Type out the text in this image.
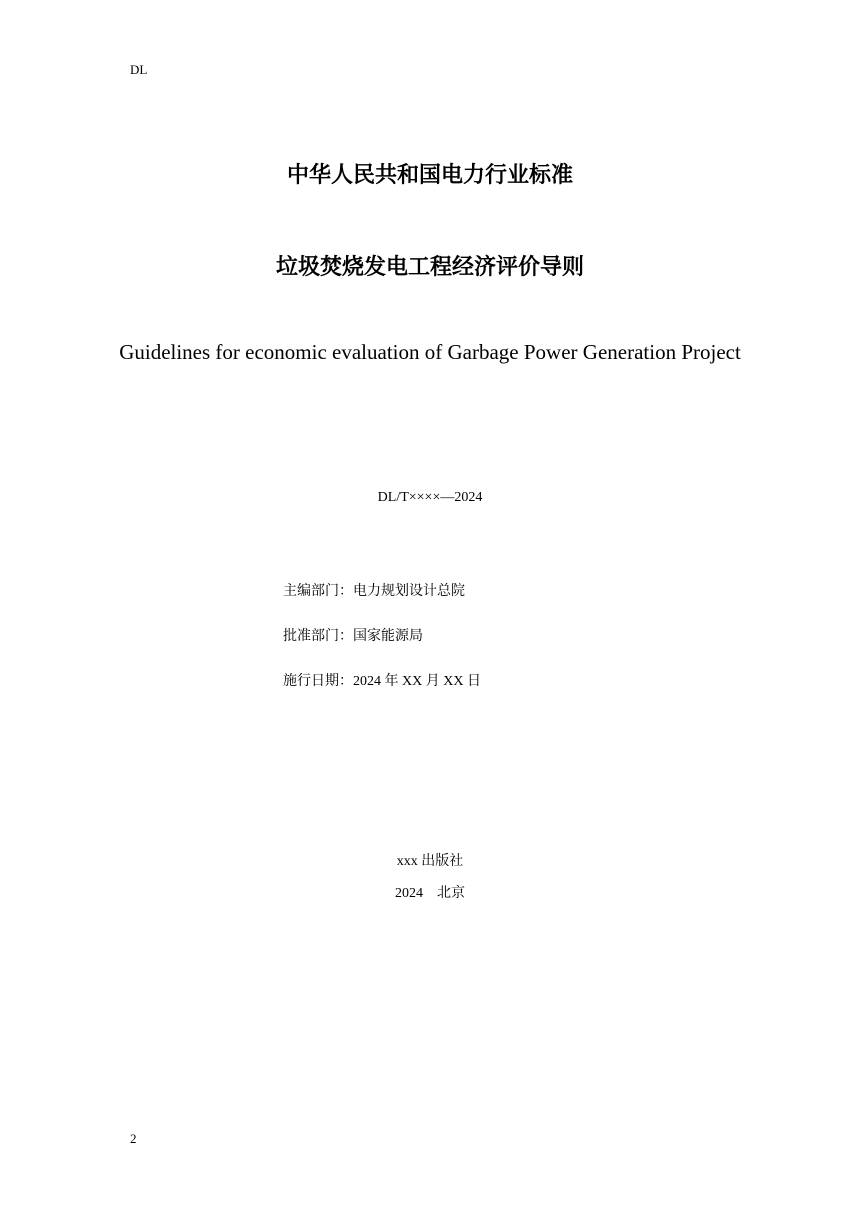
DL
中华人民共和国电力行业标准
垃圾焚烧发电工程经济评价导则
Guidelines for economic evaluation of Garbage Power Generation Project
DL/T××××—2024
主编部门：电力规划设计总院
批准部门：国家能源局
施行日期：2024 年 XX 月 XX 日
xxx 出版社
2024　北京
2
